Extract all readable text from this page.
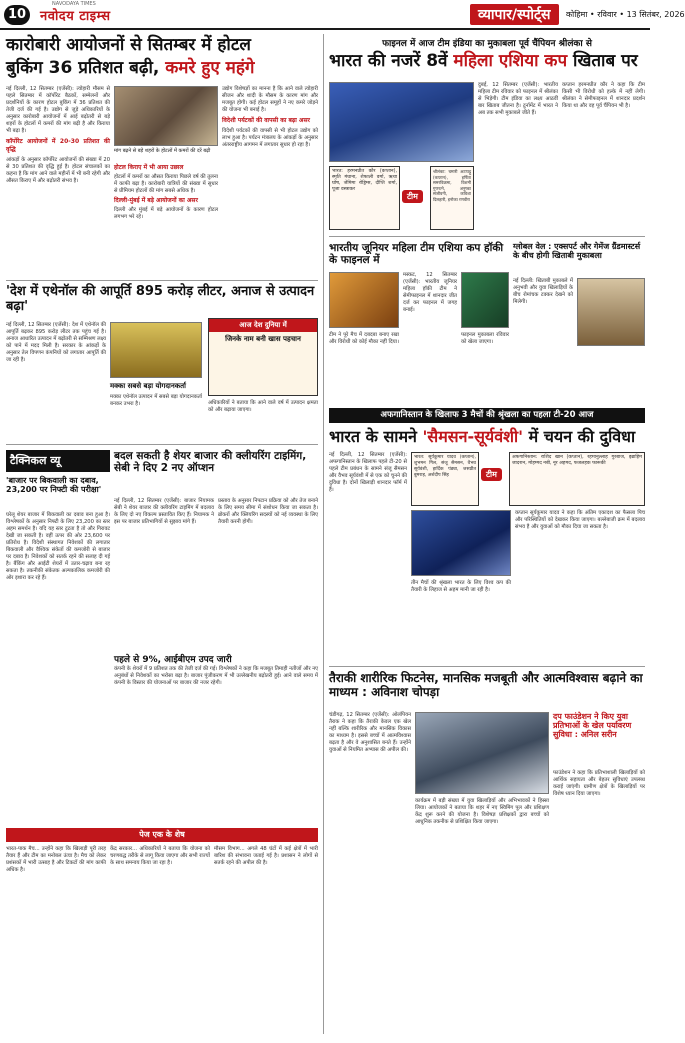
10
NAVODAYA TIMES
नवोदय टाइम्स	व्यापार/स्पोर्ट्स	कोहिमा • रविवार • 13 सितंबर, 2026
कारोबारी आयोजनों से सितम्बर में होटल
बुकिंग 36 प्रतिशत बढ़ी, कमरे हुए महंगे
नई दिल्ली, 12 सितम्बर (एजेंसी): त्योहारी मौसम से पहले सितम्बर में कॉर्पोरेट बैठकों, सम्मेलनों और प्रदर्शनियों के कारण होटल बुकिंग में 36 प्रतिशत की तेजी दर्ज की गई है। उद्योग से जुड़े अधिकारियों के अनुसार कारोबारी आयोजनों में आई बढ़ोतरी से बड़े शहरों के होटलों में कमरों की मांग बढ़ी है और किराया भी बढ़ा है।
कॉर्पोरेट आयोजनों में 20-30 प्रतिशत की वृद्धि
आंकड़ों के अनुसार कॉर्पोरेट आयोजनों की संख्या में 20 से 30 प्रतिशत की वृद्धि हुई है। होटल संचालकों का कहना है कि मांग आने वाले महीनों में भी बनी रहेगी और औसत किराए में और बढ़ोतरी संभव है।
मांग बढ़ने से बड़े शहरों के होटलों में कमरों की दरें बढ़ी
होटल किराए में भी आया उछाल
होटलों में कमरों का औसत किराया पिछले वर्ष की तुलना में काफी बढ़ा है। कारोबारी यात्रियों की संख्या में सुधार से प्रीमियम होटलों की मांग सबसे अधिक है।
दिल्ली-मुंबई में बड़े आयोजनों का असर
दिल्ली और मुंबई में बड़े आयोजनों के कारण होटल लगभग भरे रहे।
उद्योग विशेषज्ञों का मानना है कि आने वाले त्योहारी सीजन और शादी के मौसम के कारण मांग और मजबूत होगी। कई होटल समूहों ने नए कमरे जोड़ने की योजना भी बनाई है।
विदेशी पर्यटकों की वापसी का बढ़ा असर
विदेशी पर्यटकों की वापसी से भी होटल उद्योग को लाभ हुआ है। पर्यटन मंत्रालय के आंकड़ों के अनुसार अंतरराष्ट्रीय आगमन में लगातार सुधार हो रहा है।
'देश में एथेनॉल की आपूर्ति 895 करोड़ लीटर, अनाज से उत्पादन बढ़ा'
नई दिल्ली, 12 सितम्बर (एजेंसी): देश में एथेनॉल की आपूर्ति बढ़कर 895 करोड़ लीटर तक पहुंच गई है। अनाज आधारित उत्पादन में बढ़ोतरी से सम्मिश्रण लक्ष्य को पाने में मदद मिली है। सरकार के आंकड़ों के अनुसार तेल विपणन कंपनियों को लगातार आपूर्ति की जा रही है।
मक्का सबसे बड़ा योगदानकर्ता
मक्का एथेनॉल उत्पादन में सबसे बड़ा योगदानकर्ता बनकर उभरा है।
आज देश दुनिया में
जिनके नाम बनी खास पहचान
अधिकारियों ने बताया कि आने वाले वर्ष में उत्पादन क्षमता को और बढ़ाया जाएगा।
टैक्निकल व्यू
'बाजार पर बिकवाली का दबाव, 23,200 पर निफ्टी की परीक्षा'
घरेलू शेयर बाजार में बिकवाली का दबाव बना हुआ है। विश्लेषकों के अनुसार निफ्टी के लिए 23,200 का स्तर अहम समर्थन है। यदि यह स्तर टूटता है तो और गिरावट देखी जा सकती है। वहीं ऊपर की ओर 23,600 पर प्रतिरोध है। विदेशी संस्थागत निवेशकों की लगातार बिकवाली और वैश्विक संकेतों की कमजोरी से बाजार पर दबाव है। निवेशकों को सतर्क रहने की सलाह दी गई है। बैंकिंग और आईटी शेयरों में उतार-चढ़ाव बना रह सकता है। तकनीकी संकेतक अल्पकालिक कमजोरी की ओर इशारा कर रहे हैं।
बदल सकती है शेयर बाजार की क्लीयरिंग टाइमिंग, सेबी ने दिए 2 नए ऑप्शन
नई दिल्ली, 12 सितम्बर (एजेंसी): बाजार नियामक सेबी ने शेयर बाजार की क्लीयरिंग टाइमिंग में बदलाव के लिए दो नए विकल्प प्रस्तावित किए हैं। नियामक ने इस पर बाजार प्रतिभागियों से सुझाव मांगे हैं।
प्रस्ताव के अनुसार निपटान प्रक्रिया को और तेज बनाने के लिए समय सीमा में संशोधन किया जा सकता है। ब्रोकरों और क्लियरिंग सदस्यों को नई व्यवस्था के लिए तैयारी करनी होगी।
पहले से 9%, आईबीएम उपद जारी
कंपनी के शेयरों में 9 प्रतिशत तक की तेजी दर्ज की गई। विश्लेषकों ने कहा कि मजबूत तिमाही नतीजों और नए अनुबंधों से निवेशकों का भरोसा बढ़ा है। बाजार पूंजीकरण में भी उल्लेखनीय बढ़ोतरी हुई। आने वाले समय में कंपनी के विस्तार की योजनाओं पर बाजार की नजर रहेगी।
पेज एक के शेष
भारत-पाक मैच... उन्होंने कहा कि खिलाड़ी पूरी तरह तैयार हैं और टीम का मनोबल ऊंचा है। मैच को लेकर प्रशंसकों में भारी उत्साह है और टिकटों की मांग काफी अधिक है।
केंद्र सरकार... अधिकारियों ने बताया कि योजना को चरणबद्ध तरीके से लागू किया जाएगा और सभी राज्यों के साथ समन्वय किया जा रहा है।
मौसम विभाग... अगले 48 घंटों में कई क्षेत्रों में भारी बारिश की संभावना जताई गई है। प्रशासन ने लोगों से सतर्क रहने की अपील की है।
फाइनल में आज टीम इंडिया का मुकाबला पूर्व चैंपियन श्रीलंका से
भारत की नजरें 8वें महिला एशिया कप खिताब पर
दुबई, 12 सितम्बर (एजेंसी): भारतीय महिला टीम रविवार को फाइनल में श्रीलंका से भिड़ेगी। टीम इंडिया का लक्ष्य आठवीं बार खिताब जीतना है। टूर्नामेंट में भारत ने अब तक सभी मुकाबले जीते हैं।
कप्तान हरमनप्रीत कौर ने कहा कि टीम किसी भी विरोधी को हल्के में नहीं लेगी। श्रीलंका ने सेमीफाइनल में शानदार प्रदर्शन किया था और वह पूर्व चैंपियन भी है।
भारत: हरमनप्रीत कौर (कप्तान), स्मृति मंधाना, शेफाली वर्मा, ऋचा घोष, जेमिमा रोड्रिग्स, दीप्ति शर्मा, पूजा वस्त्राकर
टीम
श्रीलंका: चमारी अटापट्टू (कप्तान), हर्षिता समरविक्रमा, विशमी गुणरत्ने, अनुष्का संजीवनी, कविशा दिलहारी, इनोका रणवीरा
भारतीय जूनियर महिला टीम एशिया कप हॉकी के फाइनल में
मस्कट, 12 सितम्बर (एजेंसी): भारतीय जूनियर महिला हॉकी टीम ने सेमीफाइनल में शानदार जीत दर्ज कर फाइनल में जगह बनाई।
टीम ने पूरे मैच में दबदबा बनाए रखा और विरोधी को कोई मौका नहीं दिया।
फाइनल मुकाबला रविवार को खेला जाएगा।
ग्लोबल वेल : एक्सपर्ट और गेमेंज ग्रैंडमास्टर्स के बीच होगी खिताबी मुकाबला
नई दिल्ली: खिताबी मुकाबले में अनुभवी और युवा खिलाड़ियों के बीच रोमांचक टक्कर देखने को मिलेगी।
अफगानिस्तान के खिलाफ 3 मैचों की श्रृंखला का पहला टी-20 आज
भारत के सामने 'सैमसन-सूर्यवंशी' में चयन की दुविधा
नई दिल्ली, 12 सितम्बर (एजेंसी): अफगानिस्तान के खिलाफ पहले टी-20 से पहले टीम प्रबंधन के सामने संजू सैमसन और वैभव सूर्यवंशी में से एक को चुनने की दुविधा है। दोनों खिलाड़ी शानदार फॉर्म में हैं।
भारत: सूर्यकुमार यादव (कप्तान), शुभमन गिल, संजू सैमसन, वैभव सूर्यवंशी, हार्दिक पंड्या, जसप्रीत बुमराह, अर्शदीप सिंह	टीम
अफगानिस्तान: राशिद खान (कप्तान), रहमानुल्लाह गुरबाज, इब्राहिम जादरान, मोहम्मद नबी, नूर अहमद, फजलहक फारूकी
कप्तान सूर्यकुमार यादव ने कहा कि अंतिम एकादश का फैसला पिच और परिस्थितियों को देखकर किया जाएगा। बल्लेबाजी क्रम में बदलाव संभव है और युवाओं को मौका दिया जा सकता है।
तीन मैचों की श्रृंखला भारत के लिए विश्व कप की तैयारी के लिहाज से अहम मानी जा रही है।
तैराकी शारीरिक फिटनेस, मानसिक मजबूती और आत्मविश्वास बढ़ाने का माध्यम : अविनाश चोपड़ा
चंडीगढ़, 12 सितम्बर (एजेंसी): ओलंपियन तैराक ने कहा कि तैराकी केवल एक खेल नहीं बल्कि शारीरिक और मानसिक विकास का माध्यम है। इससे बच्चों में आत्मविश्वास बढ़ता है और वे अनुशासित बनते हैं। उन्होंने युवाओं से नियमित अभ्यास की अपील की।
कार्यक्रम में बड़ी संख्या में युवा खिलाड़ियों और अभिभावकों ने हिस्सा लिया। आयोजकों ने बताया कि शहर में नए स्विमिंग पूल और प्रशिक्षण केंद्र शुरू करने की योजना है। विशेषज्ञ प्रशिक्षकों द्वारा बच्चों को आधुनिक तकनीक से प्रशिक्षित किया जाएगा।
दप फाउंडेशन ने किए युवा प्रतिभाओं के खेल पर्यावरण सुविधा : अनिल सरीन
फाउंडेशन ने कहा कि प्रतिभाशाली खिलाड़ियों को आर्थिक सहायता और बेहतर सुविधाएं उपलब्ध कराई जाएंगी। ग्रामीण क्षेत्रों के खिलाड़ियों पर विशेष ध्यान दिया जाएगा।
